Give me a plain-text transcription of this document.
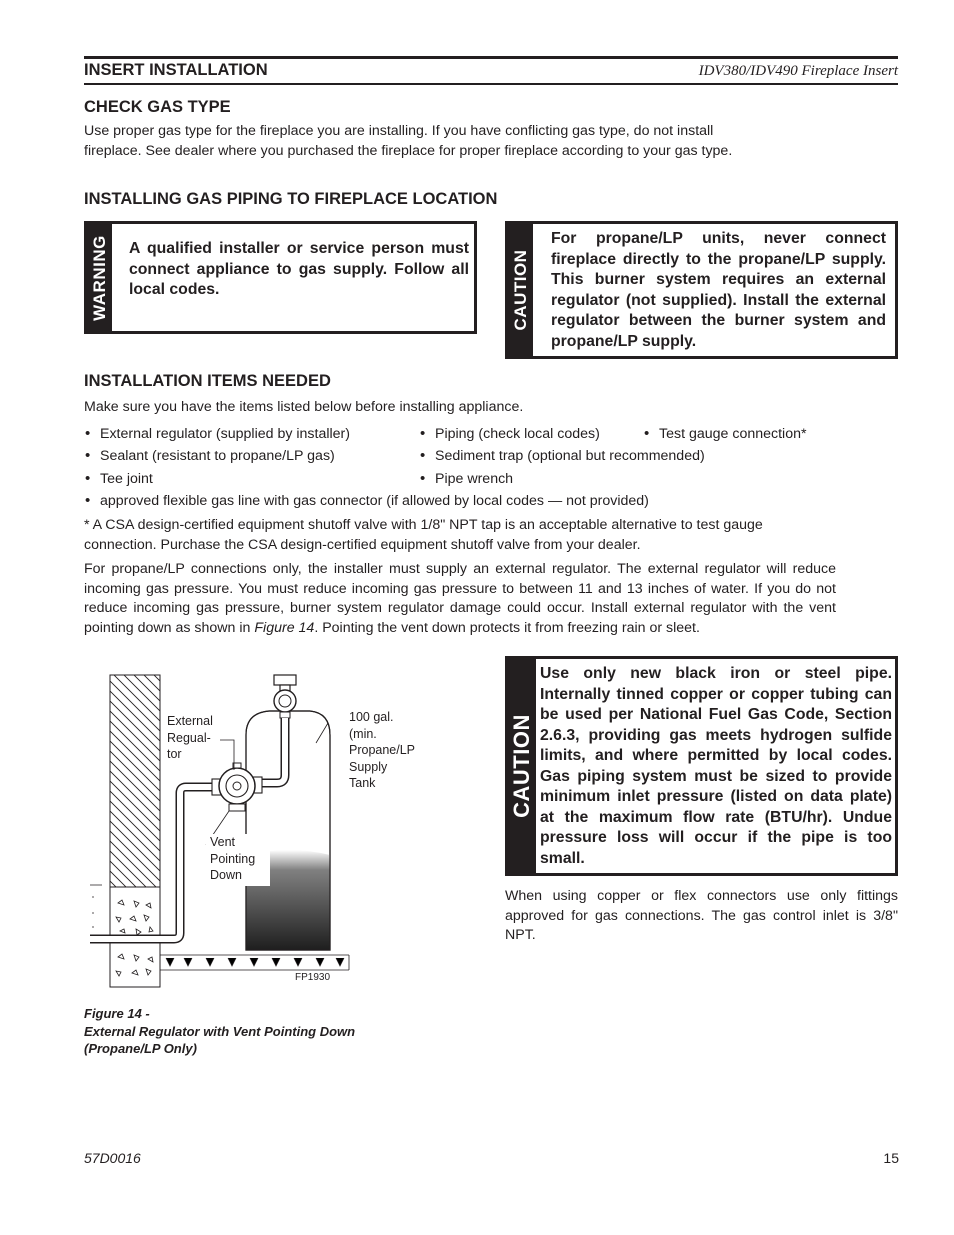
INSERT INSTALLATION	IDV380/IDV490 Fireplace Insert
CHECK GAS TYPE
Use proper gas type for the fireplace you are installing. If you have conflicting gas type, do not install fireplace. See dealer where you purchased the fireplace for proper fireplace according to your gas type.
INSTALLING GAS PIPING TO FIREPLACE LOCATION
WARNING A qualified installer or service person must connect appliance to gas supply. Follow all local codes.	CAUTION
For propane/LP units, never connect fireplace directly to the propane/LP supply. This burner system requires an external regulator (not supplied). Install the external regulator between the burner system and propane/LP supply.
INSTALLATION ITEMS NEEDED
Make sure you have the items listed below before installing appliance.
• External regulator (supplied by installer)	• Piping (check local codes)	• Test gauge connection*
• Sealant (resistant to propane/LP gas)	• Sediment trap (optional but recommended)
• Tee joint	• Pipe wrench
• approved flexible gas line with gas connector (if allowed by local codes — not provided)
* A CSA design-certified equipment shutoff valve with 1/8" NPT tap is an acceptable alternative to test gauge connection. Purchase the CSA design-certified equipment shutoff valve from your dealer.
For propane/LP connections only, the installer must supply an external regulator. The external regulator will reduce incoming gas pressure. You must reduce incoming gas pressure to between 11 and 13 inches of water. If you do not reduce incoming gas pressure, burner system regulator damage could occur. Install external regulator with the vent pointing down as shown in Figure 14. Pointing the vent down protects it from freezing rain or sleet.
External
Regual-
tor
100 gal. (min.
Propane/LP
Supply Tank
Vent
Pointing
Down
FP1930
Figure 14 -
External Regulator with Vent Pointing Down
(Propane/LP Only)
CAUTION
Use only new black iron or steel pipe. Internally tinned copper or copper tubing can be used per National Fuel Gas Code, Section 2.6.3, providing gas meets hydrogen sulfide limits, and where permitted by local codes. Gas piping system must be sized to provide minimum inlet pressure (listed on data plate) at the maximum flow rate (BTU/hr). Undue pressure loss will occur if the pipe is too small.
When using copper or flex connectors use only fittings approved for gas connections. The gas control inlet is 3/8" NPT.
57D0016	15
